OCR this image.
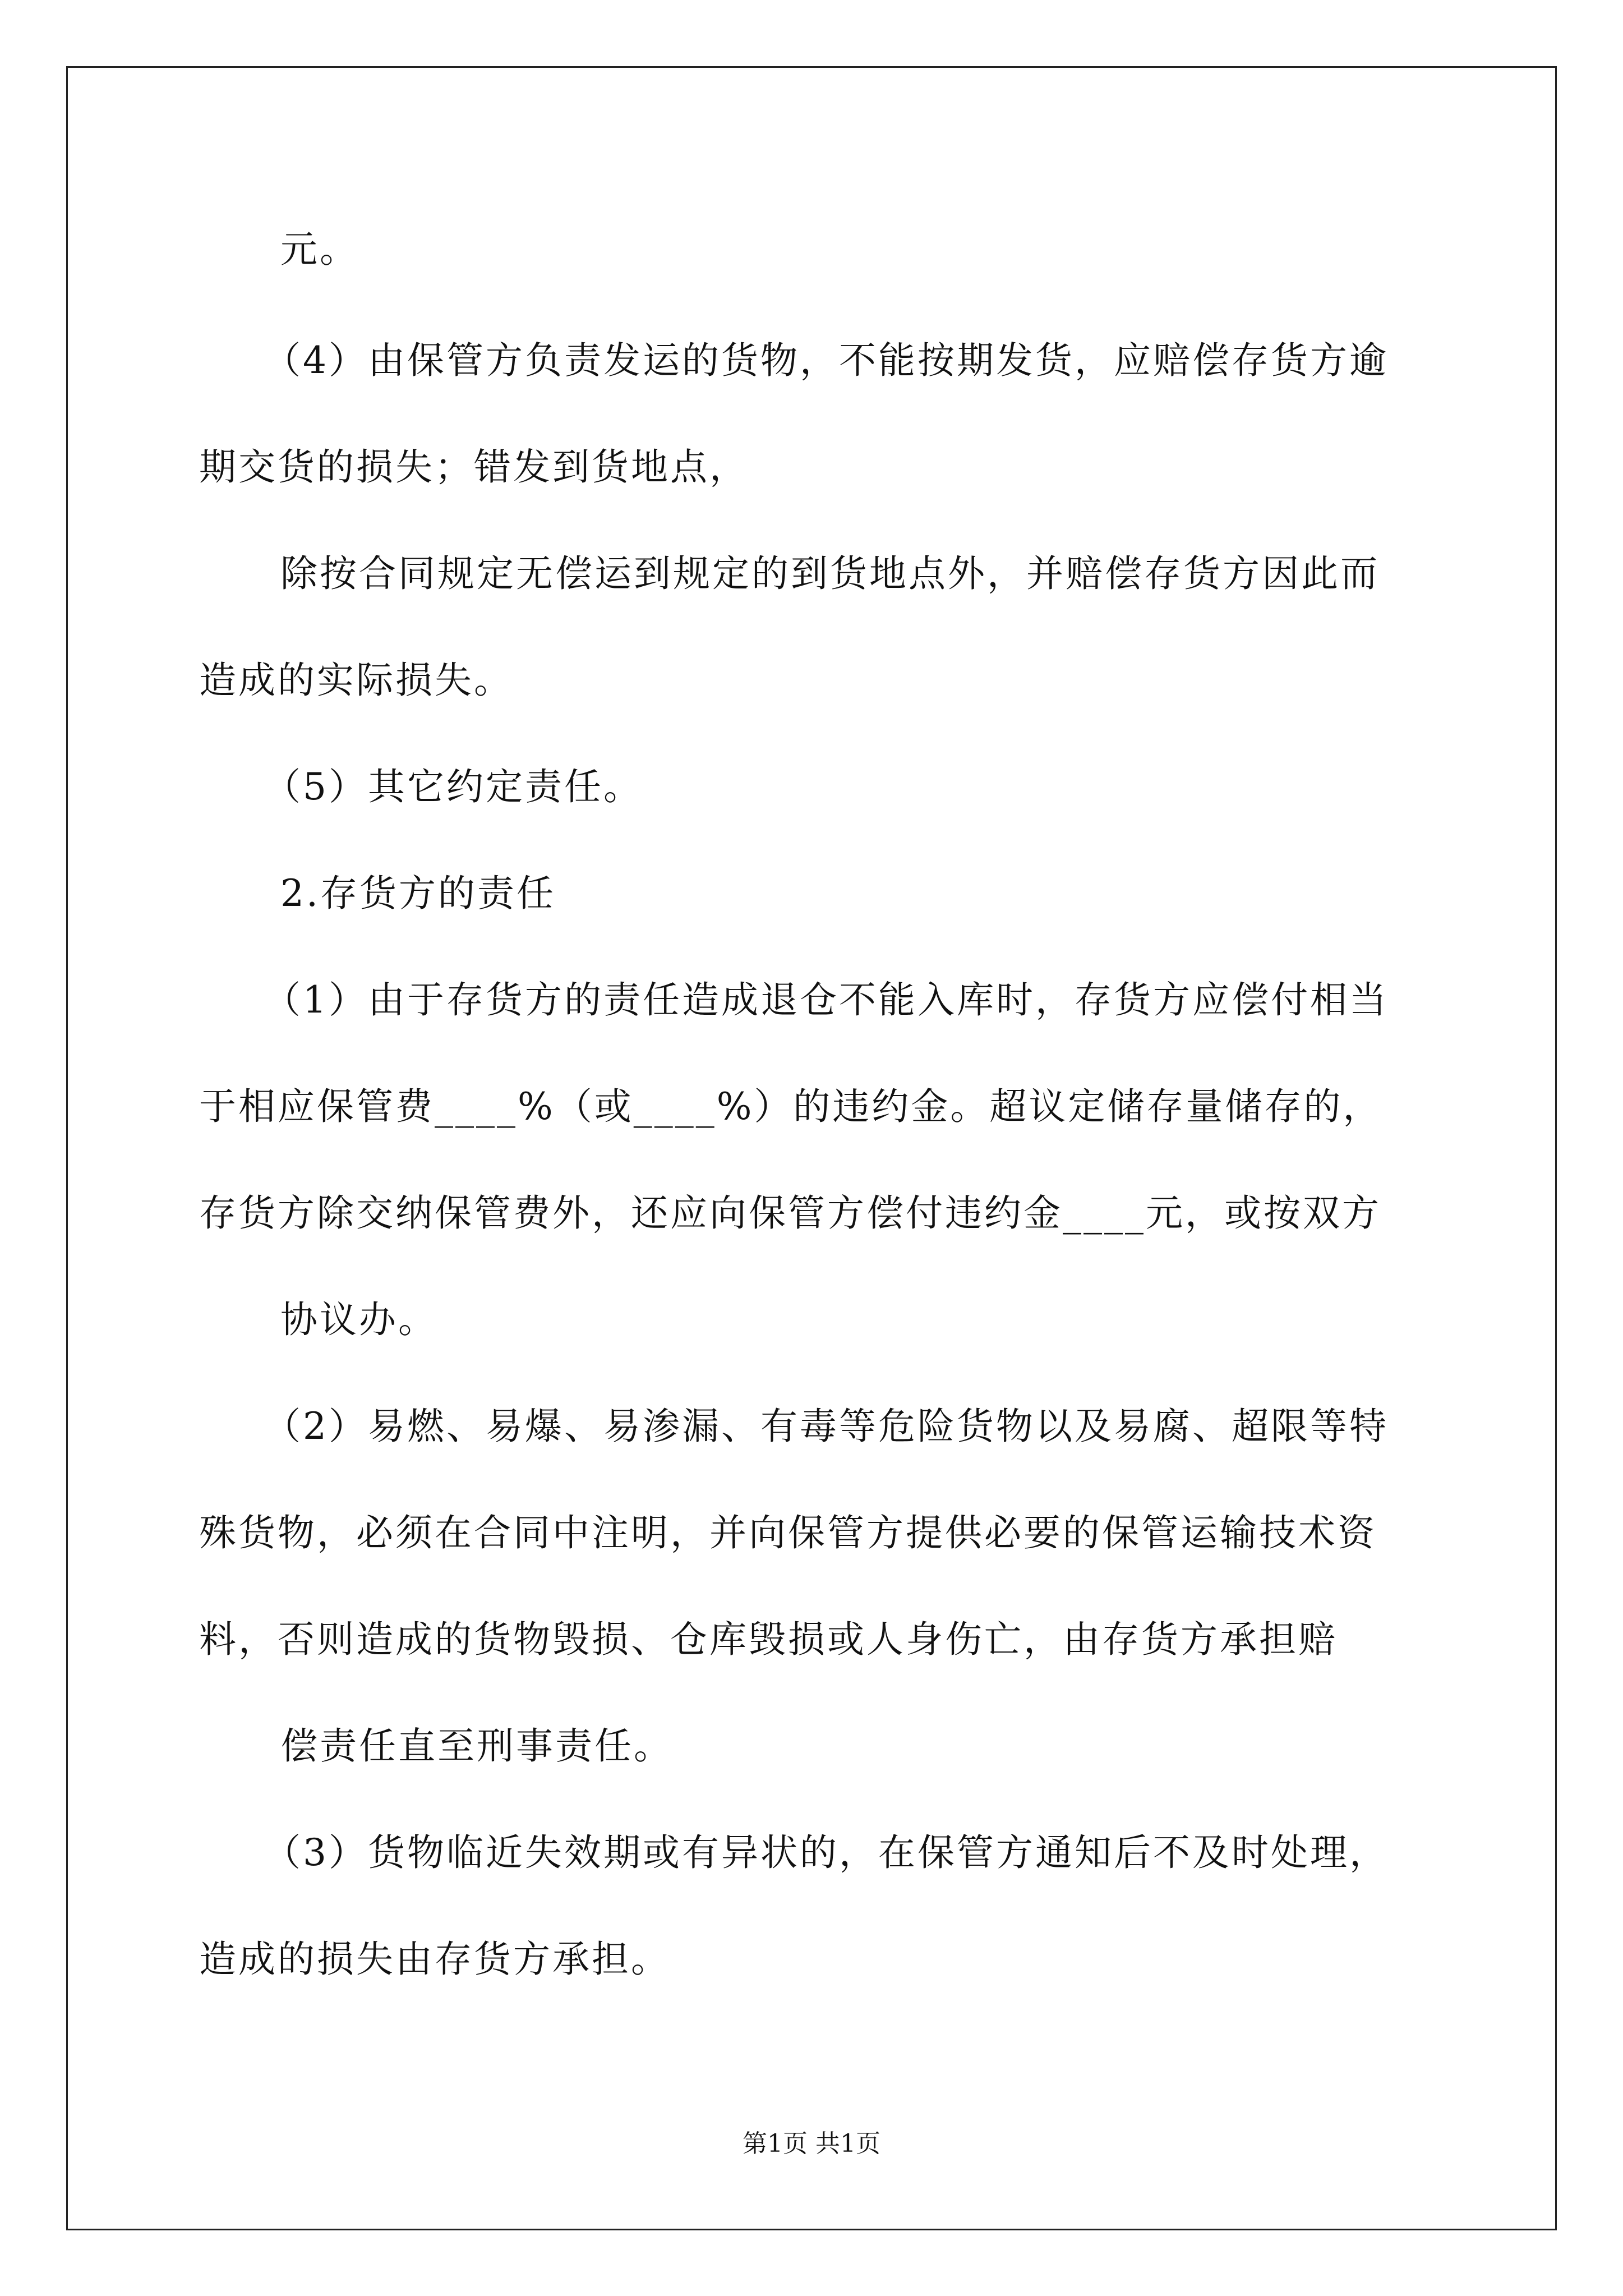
元。
（4）由保管方负责发运的货物，不能按期发货，应赔偿存货方逾
期交货的损失；错发到货地点，
除按合同规定无偿运到规定的到货地点外，并赔偿存货方因此而
造成的实际损失。
（5）其它约定责任。
2.存货方的责任
（1）由于存货方的责任造成退仓不能入库时，存货方应偿付相当
于相应保管费____%（或____%）的违约金。超议定储存量储存的，
存货方除交纳保管费外，还应向保管方偿付违约金____元，或按双方
协议办。
（2）易燃、易爆、易渗漏、有毒等危险货物以及易腐、超限等特
殊货物，必须在合同中注明，并向保管方提供必要的保管运输技术资
料，否则造成的货物毁损、仓库毁损或人身伤亡，由存货方承担赔
偿责任直至刑事责任。
（3）货物临近失效期或有异状的，在保管方通知后不及时处理，
造成的损失由存货方承担。
第1页 共1页
